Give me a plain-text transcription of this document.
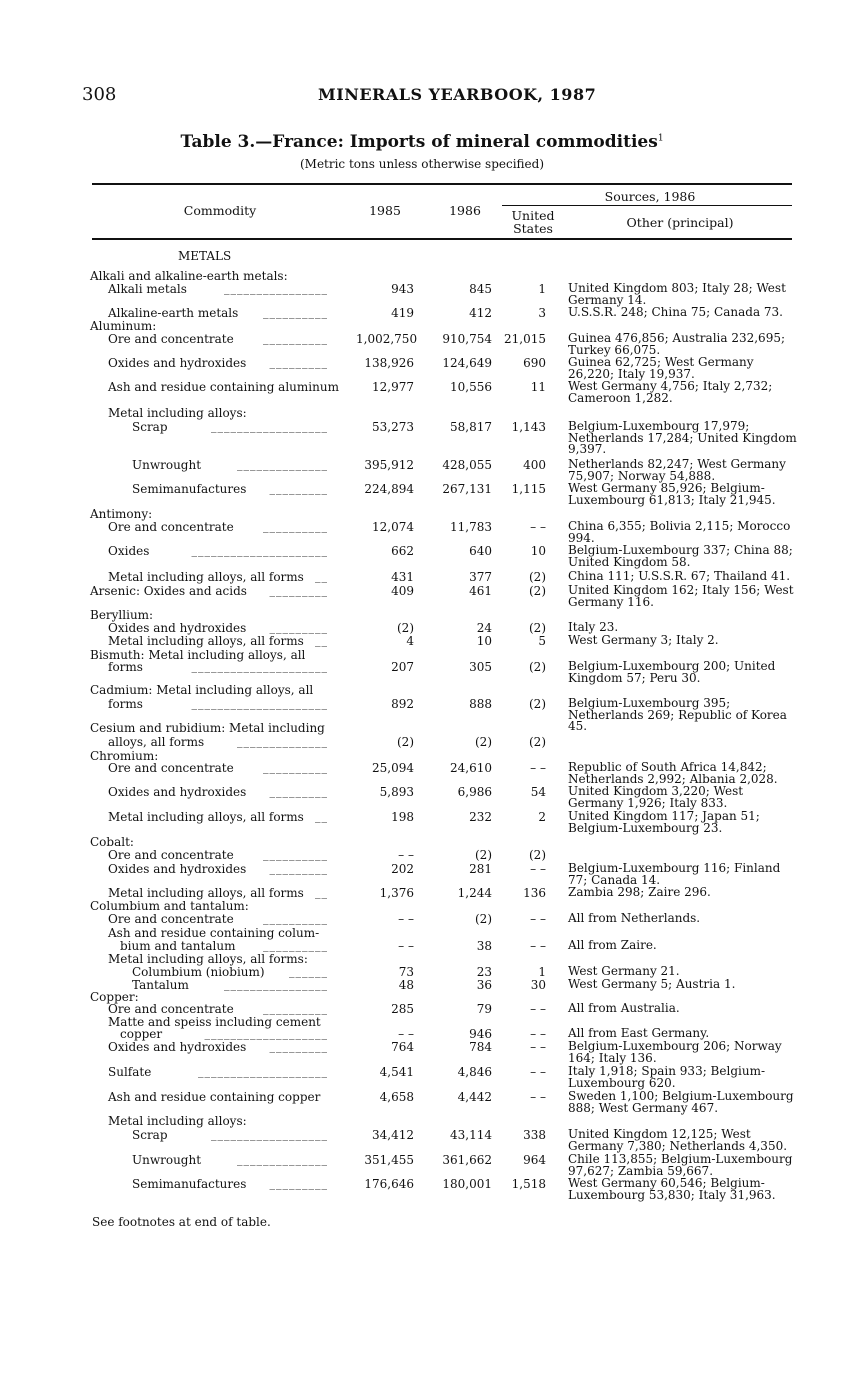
308	MINERALS YEARBOOK, 1987
Table 3.—France: Imports of mineral commodities$^1$
(Metric tons unless otherwise specified)
Commodity	1985	1986
Sources, 1986
United
States	Other (principal)
METALS
Alkali and alkaline-earth metals:
Alkali metals	________________	943	845	1 United Kingdom 803; Italy 28; West Germany 14.
Alkaline-earth metals __________	419	412	3 U.S.S.R. 248; China 75; Canada 73.
Aluminum:
Ore and concentrate	__________ 1,002,750	910,754	21,015 Guinea 476,856; Australia 232,695; Turkey 66,075.
Oxides and hydroxides _________	138,926	124,649	690 Guinea 62,725; West Germany 26,220; Italy 19,937.
Ash and residue containing aluminum	12,977	10,556	11 West Germany 4,756; Italy 2,732; Cameroon 1,282.
Metal including alloys:
Scrap	__________________	53,273	58,817	1,143 Belgium-Luxembourg 17,979; Netherlands 17,284; United Kingdom 9,397.
Unwrought	______________	395,912	428,055	400 Netherlands 82,247; West Germany 75,907; Norway 54,888.
Semimanufactures _________	224,894	267,131	1,115 West Germany 85,926; Belgium-Luxembourg 61,813; Italy 21,945.
Antimony:
Ore and concentrate	__________	12,074	11,783	– – China 6,355; Bolivia 2,115; Morocco 994.
Oxides	_____________________	662	640	10 Belgium-Luxembourg 337; China 88; United Kingdom 58.
Metal including alloys, all forms __	431	377	(2) China 111; U.S.S.R. 67; Thailand 41.
Arsenic: Oxides and acids _________	409	461	(2) United Kingdom 162; Italy 156; West Germany 116.
Beryllium:
Oxides and hydroxides _________	(2)	24	(2) Italy 23.
Metal including alloys, all forms __	4	10	5 West Germany 3; Italy 2.
Bismuth: Metal including alloys, all
forms	_____________________	207	305	(2) Belgium-Luxembourg 200; United Kingdom 57; Peru 30.
Cadmium: Metal including alloys, all
forms	_____________________	892	888	(2) Belgium-Luxembourg 395; Netherlands 269; Republic of Korea 45.
Cesium and rubidium: Metal including
alloys, all forms	______________	(2)	(2)	(2)
Chromium:
Ore and concentrate	__________	25,094	24,610	– – Republic of South Africa 14,842; Netherlands 2,992; Albania 2,028.
Oxides and hydroxides _________	5,893	6,986	54 United Kingdom 3,220; West Germany 1,926; Italy 833.
Metal including alloys, all forms __	198	232	2 United Kingdom 117; Japan 51; Belgium-Luxembourg 23.
Cobalt:
Ore and concentrate	__________	– –	(2)	(2)
Oxides and hydroxides _________	202	281	– – Belgium-Luxembourg 116; Finland 77; Canada 14.
Metal including alloys, all forms __	1,376	1,244	136 Zambia 298; Zaire 296.
Columbium and tantalum:
Ore and concentrate	__________	– –	(2)	– – All from Netherlands.
Ash and residue containing colum-
bium and tantalum	__________	– –	38	– – All from Zaire.
Metal including alloys, all forms:
Columbium (niobium) ______	73	23	1 West Germany 21.
Tantalum	________________	48	36	30 West Germany 5; Austria 1.
Copper:
Ore and concentrate	__________	285	79	– – All from Australia.
Matte and speiss including cement
copper	___________________	– –	946	– – All from East Germany.
Oxides and hydroxides _________	764	784	– – Belgium-Luxembourg 206; Norway 164; Italy 136.
Sulfate	____________________	4,541	4,846	– – Italy 1,918; Spain 933; Belgium-Luxembourg 620.
Ash and residue containing copper	4,658	4,442	– – Sweden 1,100; Belgium-Luxembourg 888; West Germany 467.
Metal including alloys:
Scrap	__________________	34,412	43,114	338 United Kingdom 12,125; West Germany 7,380; Netherlands 4,350.
Unwrought	______________	351,455	361,662	964 Chile 113,855; Belgium-Luxembourg 97,627; Zambia 59,667.
Semimanufactures _________	176,646	180,001	1,518 West Germany 60,546; Belgium-Luxembourg 53,830; Italy 31,963.
See footnotes at end of table.
